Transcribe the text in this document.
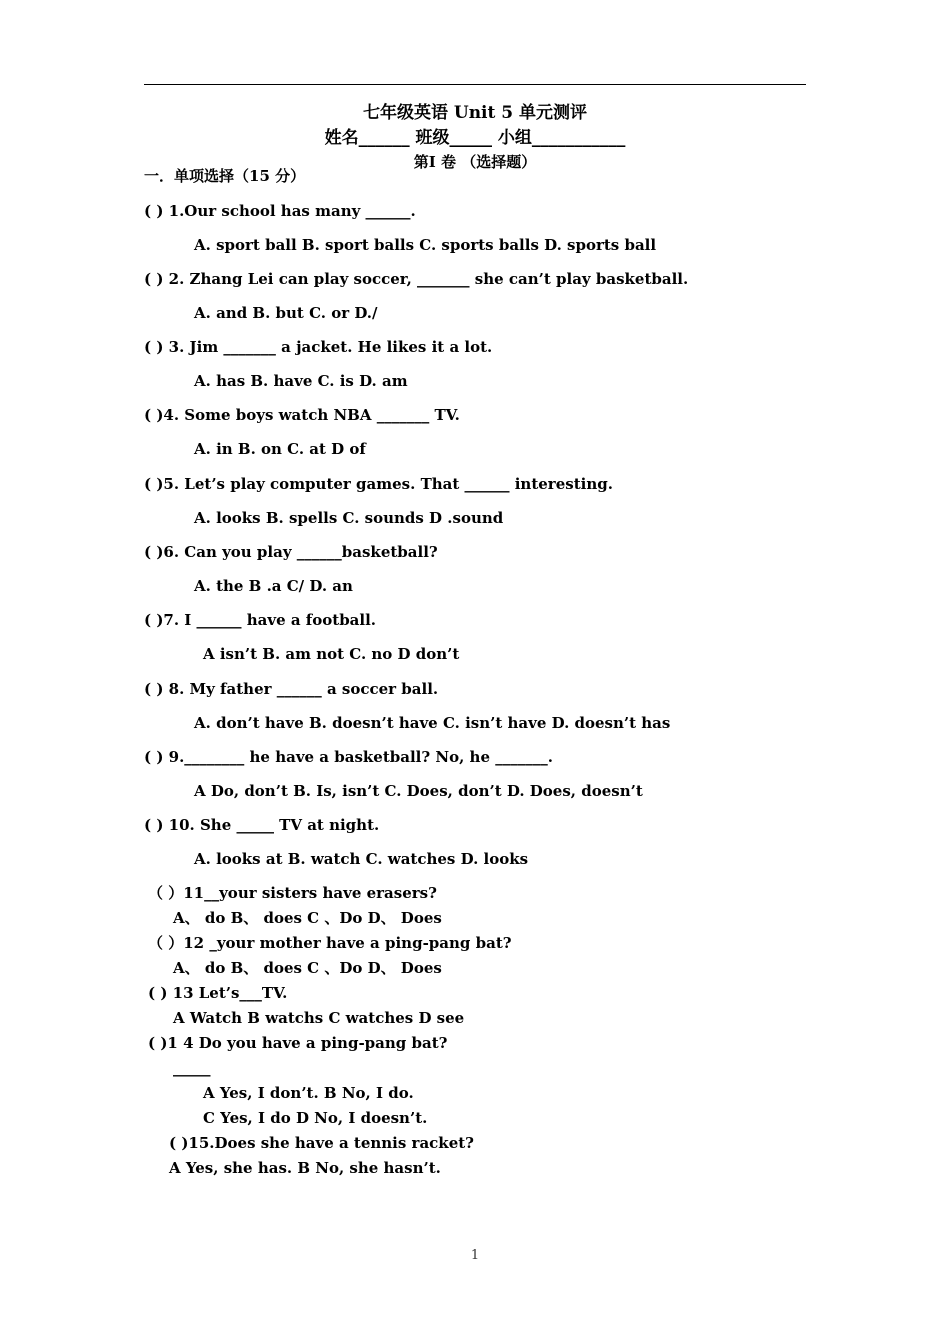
七年级英语 Unit 5 单元测评
姓名______ 班级_____ 小组___________
第I 卷 （选择题）
一．单项选择（15 分）
( ) 1.Our school has many ______.
A. sport ball B. sport balls C. sports balls D. sports ball
( ) 2. Zhang Lei can play soccer, _______ she can’t play basketball.
A. and B. but C. or D./
( ) 3. Jim _______ a jacket. He likes it a lot.
A. has B. have C. is D. am
( )4. Some boys watch NBA _______ TV.
A. in B. on C. at D of
( )5. Let’s play computer games. That ______ interesting.
A. looks B. spells C. sounds D .sound
( )6. Can you play ______basketball?
A. the B .a C/ D. an
( )7. I ______ have a football.
A isn’t B. am not C. no D don’t
( ) 8. My father ______ a soccer ball.
A. don’t have B. doesn’t have C. isn’t have D. doesn’t has
( ) 9.________ he have a basketball? No, he _______.
A Do, don’t B. Is, isn’t C. Does, don’t D. Does, doesn’t
( ) 10. She _____ TV at night.
A. looks at B. watch C. watches D. looks
（ ）11__your sisters have erasers?
A、 do B、 does C 、Do D、 Does
（ ）12 _your mother have a ping-pang bat?
A、 do B、 does C 、Do D、 Does
( ) 13 Let’s___TV.
A Watch B watchs C watches D see
( )1 4 Do you have a ping-pang bat?
_____
A Yes, I don’t. B No, I do.
C Yes, I do D No, I doesn’t.
( )15.Does she have a tennis racket?
A Yes, she has. B No, she hasn’t.
1
